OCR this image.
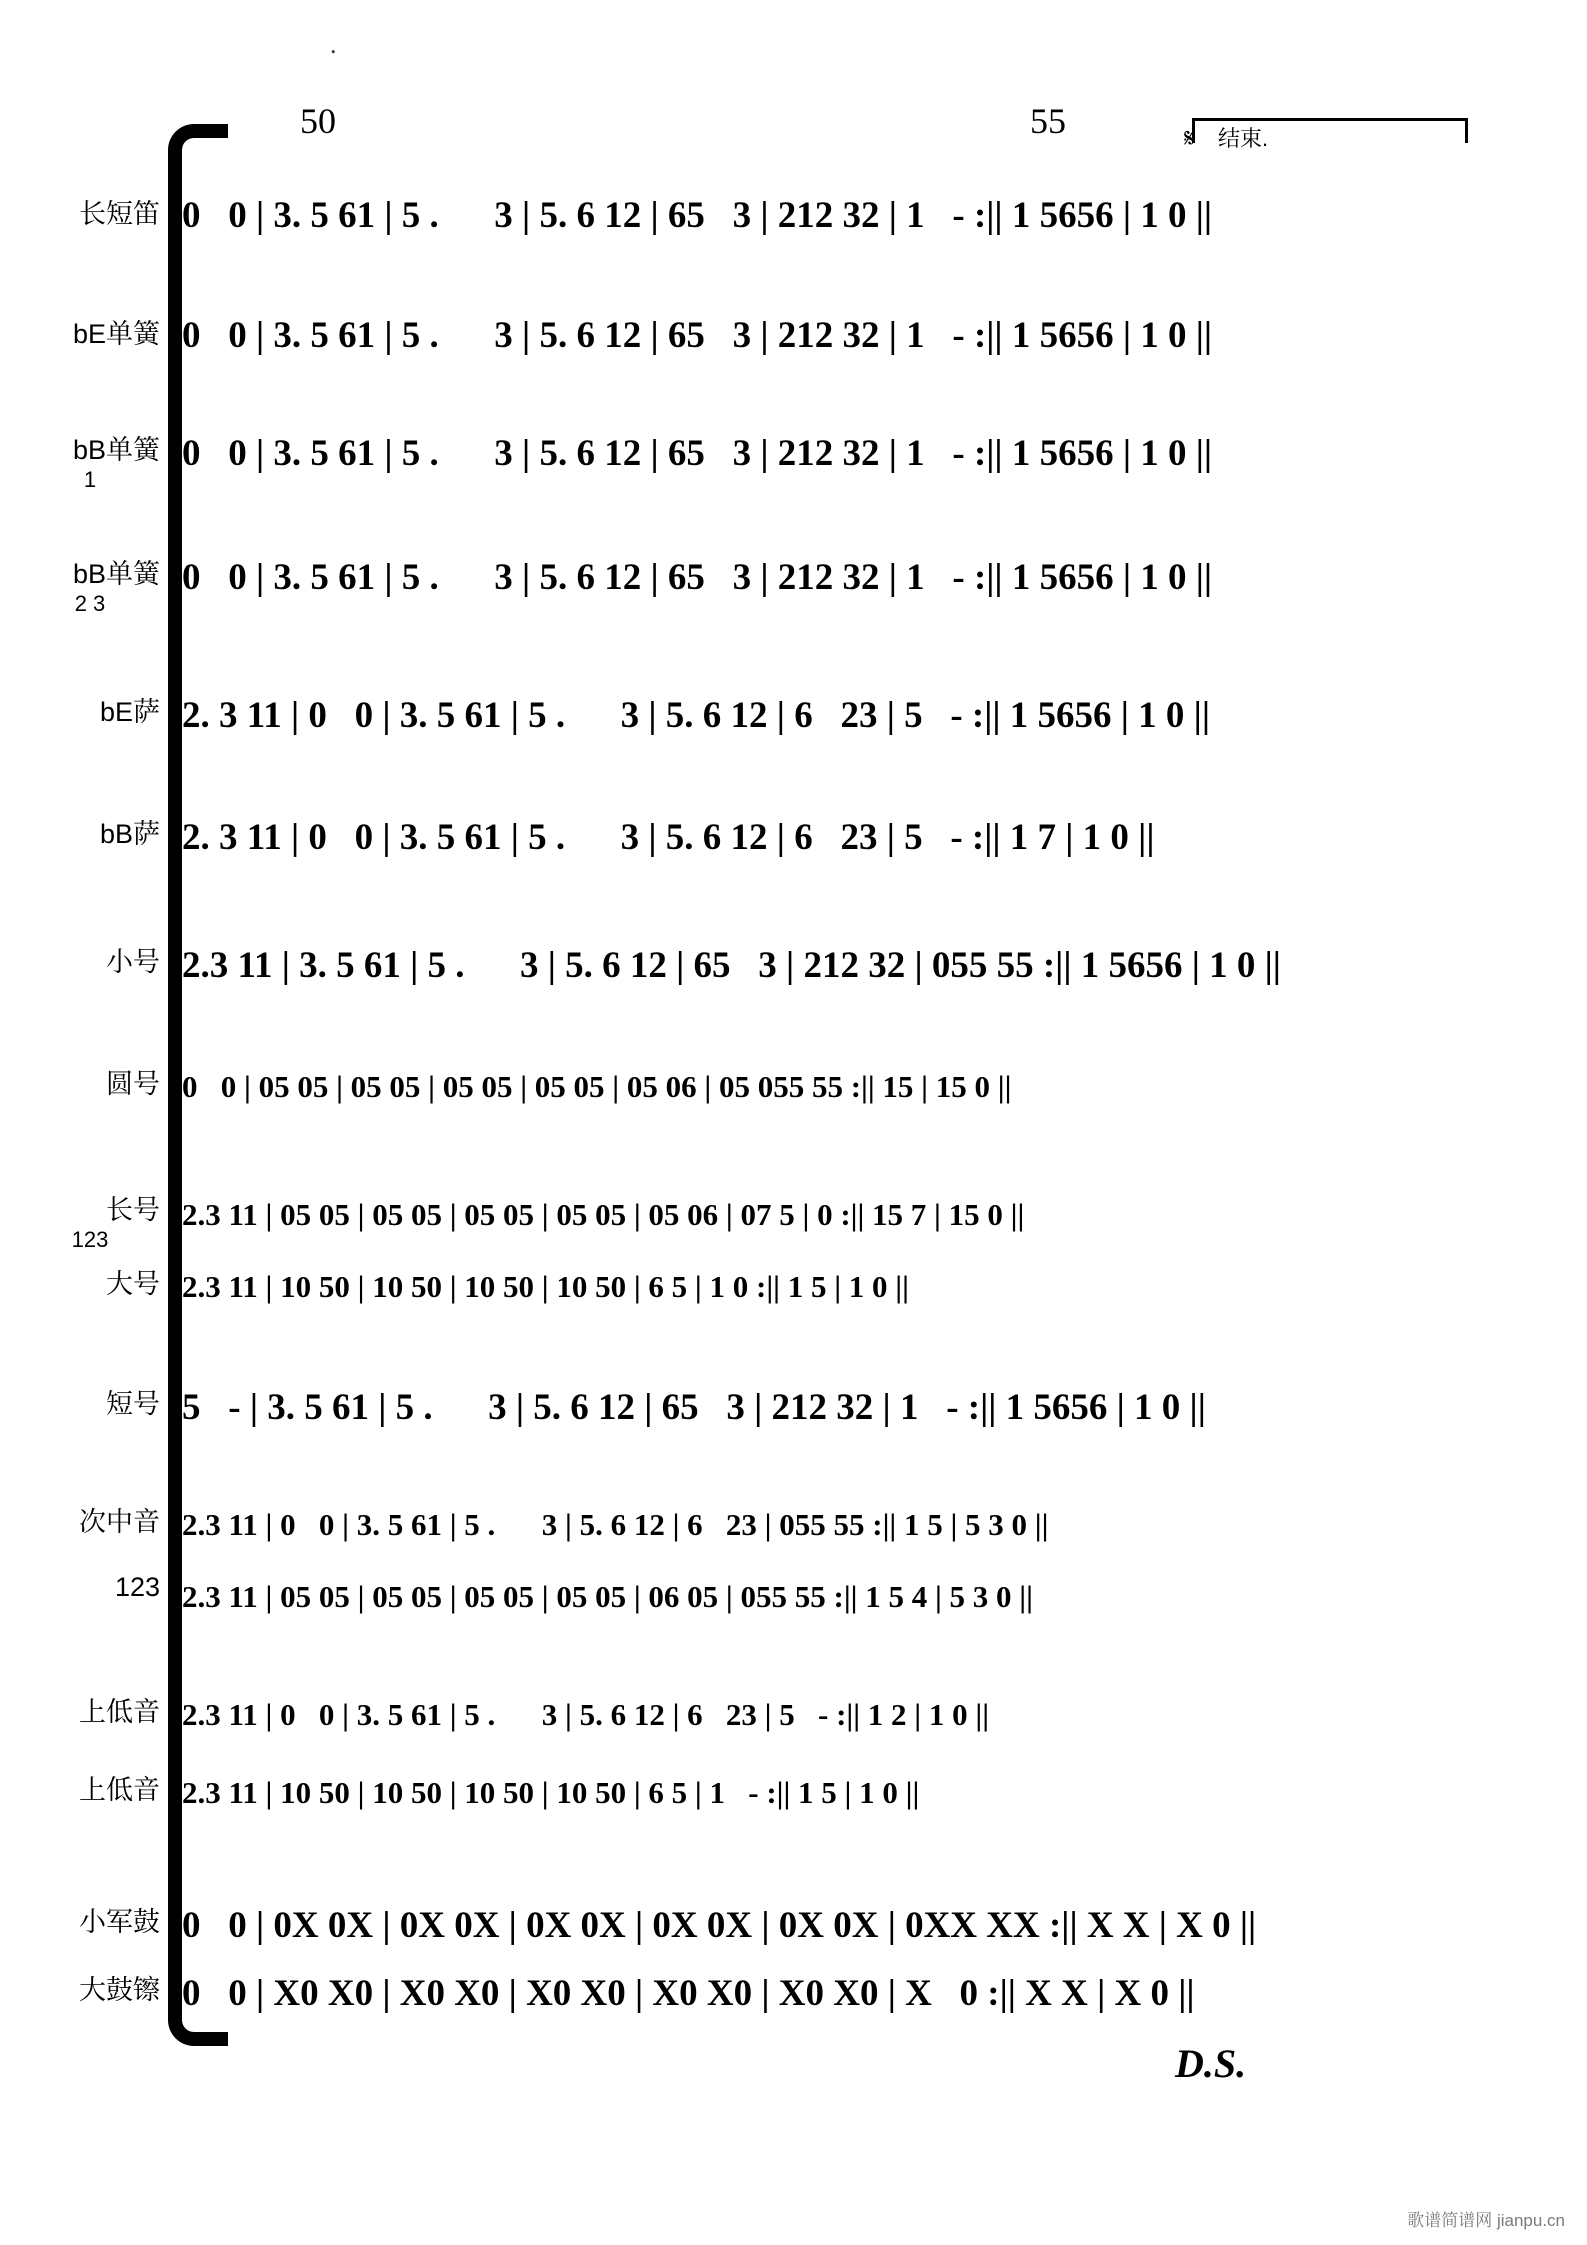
.
50	55	𝄋 结束.
长短笛
bE单簧
bB单簧
1
bB单簧
2 3
bE萨
bB萨
小号
圆号
长号
123
大号
短号
次中音
123
上低音
上低音
小军鼓
大鼓镲
0   0 | 3. 5 61 | 5 .      3 | 5. 6 12 | 65   3 | 212 32 | 1   - :|| 1 5656 | 1 0 ||
0   0 | 3. 5 61 | 5 .      3 | 5. 6 12 | 65   3 | 212 32 | 1   - :|| 1 5656 | 1 0 ||
0   0 | 3. 5 61 | 5 .      3 | 5. 6 12 | 65   3 | 212 32 | 1   - :|| 1 5656 | 1 0 ||
0   0 | 3. 5 61 | 5 .      3 | 5. 6 12 | 65   3 | 212 32 | 1   - :|| 1 5656 | 1 0 ||
2. 3 11 | 0   0 | 3. 5 61 | 5 .      3 | 5. 6 12 | 6   23 | 5   - :|| 1 5656 | 1 0 ||
2. 3 11 | 0   0 | 3. 5 61 | 5 .      3 | 5. 6 12 | 6   23 | 5   - :|| 1 7 | 1 0 ||
2.3 11 | 3. 5 61 | 5 .      3 | 5. 6 12 | 65   3 | 212 32 | 055 55 :|| 1 5656 | 1 0 ||
0   0 | 05 05 | 05 05 | 05 05 | 05 05 | 05 06 | 05 055 55 :|| 15 | 15 0 ||
2.3 11 | 05 05 | 05 05 | 05 05 | 05 05 | 05 06 | 07 5 | 0 :|| 15 7 | 15 0 ||
2.3 11 | 10 50 | 10 50 | 10 50 | 10 50 | 6 5 | 1 0 :|| 1 5 | 1 0 ||
5   - | 3. 5 61 | 5 .      3 | 5. 6 12 | 65   3 | 212 32 | 1   - :|| 1 5656 | 1 0 ||
2.3 11 | 0   0 | 3. 5 61 | 5 .      3 | 5. 6 12 | 6   23 | 055 55 :|| 1 5 | 5 3 0 ||
2.3 11 | 05 05 | 05 05 | 05 05 | 05 05 | 06 05 | 055 55 :|| 1 5 4 | 5 3 0 ||
2.3 11 | 0   0 | 3. 5 61 | 5 .      3 | 5. 6 12 | 6   23 | 5   - :|| 1 2 | 1 0 ||
2.3 11 | 10 50 | 10 50 | 10 50 | 10 50 | 6 5 | 1   - :|| 1 5 | 1 0 ||
0   0 | 0X 0X | 0X 0X | 0X 0X | 0X 0X | 0X 0X | 0XX XX :|| X X | X 0 ||
0   0 | X0 X0 | X0 X0 | X0 X0 | X0 X0 | X0 X0 | X   0 :|| X X | X 0 ||
D.S.
歌谱简谱网 jianpu.cn
